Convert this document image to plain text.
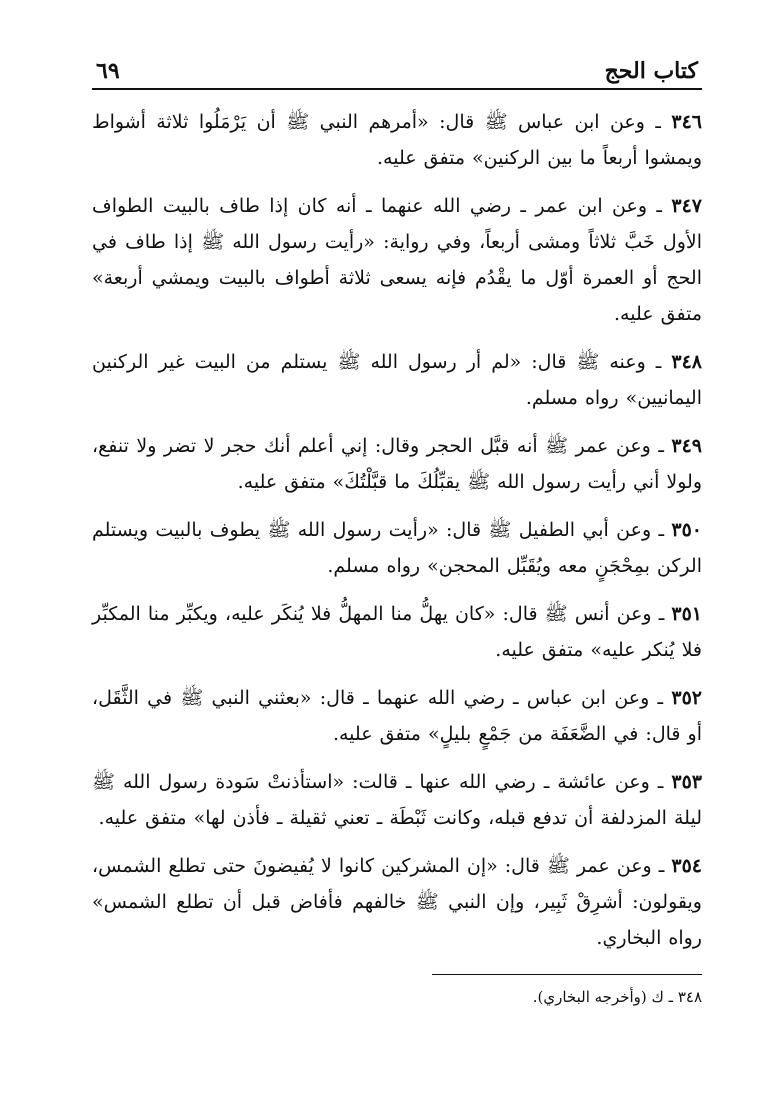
كتاب الحج
٦٩

٣٤٦ ـ وعن ابن عباس ﷺ قال: «أمرهم النبي ﷺ أن يَرْمَلُوا ثلاثة أشواط ويمشوا أربعاً ما بين الركنين» متفق عليه.

٣٤٧ ـ وعن ابن عمر ـ رضي الله عنهما ـ أنه كان إذا طاف بالبيت الطواف الأول خَبَّ ثلاثاً ومشى أربعاً، وفي رواية: «رأيت رسول الله ﷺ إذا طاف في الحج أو العمرة أوّل ما يقْدُم فإنه يسعى ثلاثة أطواف بالبيت ويمشي أربعة» متفق عليه.

٣٤٨ ـ وعنه ﷺ قال: «لم أر رسول الله ﷺ يستلم من البيت غير الركنين اليمانيين» رواه مسلم.

٣٤٩ ـ وعن عمر ﷺ أنه قبَّل الحجر وقال: إني أعلم أنك حجر لا تضر ولا تنفع، ولولا أني رأيت رسول الله ﷺ يقبِّلُكَ ما قبَّلْتُكَ» متفق عليه.

٣٥٠ ـ وعن أبي الطفيل ﷺ قال: «رأيت رسول الله ﷺ يطوف بالبيت ويستلم الركن بمِحْجَنٍ معه ويُقَبِّل المحجن» رواه مسلم.

٣٥١ ـ وعن أنس ﷺ قال: «كان يهلُّ منا المهلُّ فلا يُنكَر عليه، ويكبِّر منا المكبِّر فلا يُنكر عليه» متفق عليه.

٣٥٢ ـ وعن ابن عباس ـ رضي الله عنهما ـ قال: «بعثني النبي ﷺ في الثَّقَل، أو قال: في الضَّعَفَة من جَمْعٍ بليلٍ» متفق عليه.

٣٥٣ ـ وعن عائشة ـ رضي الله عنها ـ قالت: «استأذنتْ سَودة رسول الله ﷺ ليلة المزدلفة أن تدفع قبله، وكانت ثَبْطَة ـ تعني ثقيلة ـ فأذن لها» متفق عليه.

٣٥٤ ـ وعن عمر ﷺ قال: «إن المشركين كانوا لا يُفيضونَ حتى تطلع الشمس، ويقولون: أشرِقْ ثَبِير، وإن النبي ﷺ خالفهم فأفاض قبل أن تطلع الشمس» رواه البخاري.

٣٤٨ ـ ك (وأخرجه البخاري).
